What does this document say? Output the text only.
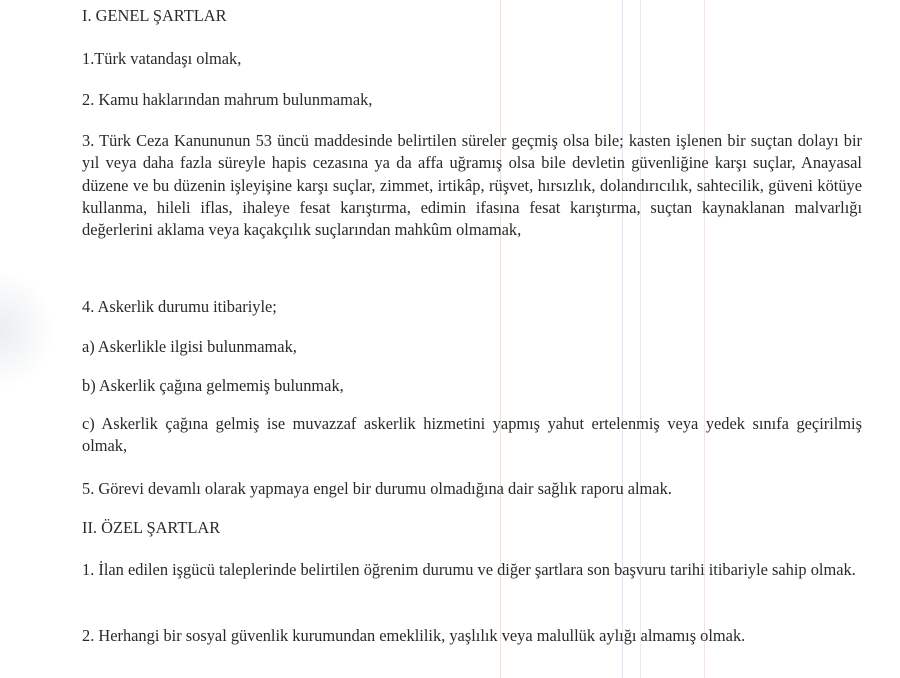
I. GENEL ŞARTLAR

1.Türk vatandaşı olmak,

2. Kamu haklarından mahrum bulunmamak,

3. Türk Ceza Kanununun 53 üncü maddesinde belirtilen süreler geçmiş olsa bile; kasten işlenen bir suçtan dolayı bir yıl veya daha fazla süreyle hapis cezasına ya da affa uğramış olsa bile devletin güvenliğine karşı suçlar, Anayasal düzene ve bu düzenin işleyişine karşı suçlar, zimmet, irtikâp, rüşvet, hırsızlık, dolandırıcılık, sahtecilik, güveni kötüye kullanma, hileli iflas, ihaleye fesat karıştırma, edimin ifasına fesat karıştırma, suçtan kaynaklanan malvarlığı değerlerini aklama veya kaçakçılık suçlarından mahkûm olmamak,

4. Askerlik durumu itibariyle;

a) Askerlikle ilgisi bulunmamak,

b) Askerlik çağına gelmemiş bulunmak,

c) Askerlik çağına gelmiş ise muvazzaf askerlik hizmetini yapmış yahut ertelenmiş veya yedek sınıfa geçirilmiş olmak,

5. Görevi devamlı olarak yapmaya engel bir durumu olmadığına dair sağlık raporu almak.

II. ÖZEL ŞARTLAR

1. İlan edilen işgücü taleplerinde belirtilen öğrenim durumu ve diğer şartlara son başvuru tarihi itibariyle sahip olmak.

2. Herhangi bir sosyal güvenlik kurumundan emeklilik, yaşlılık veya malullük aylığı almamış olmak.
